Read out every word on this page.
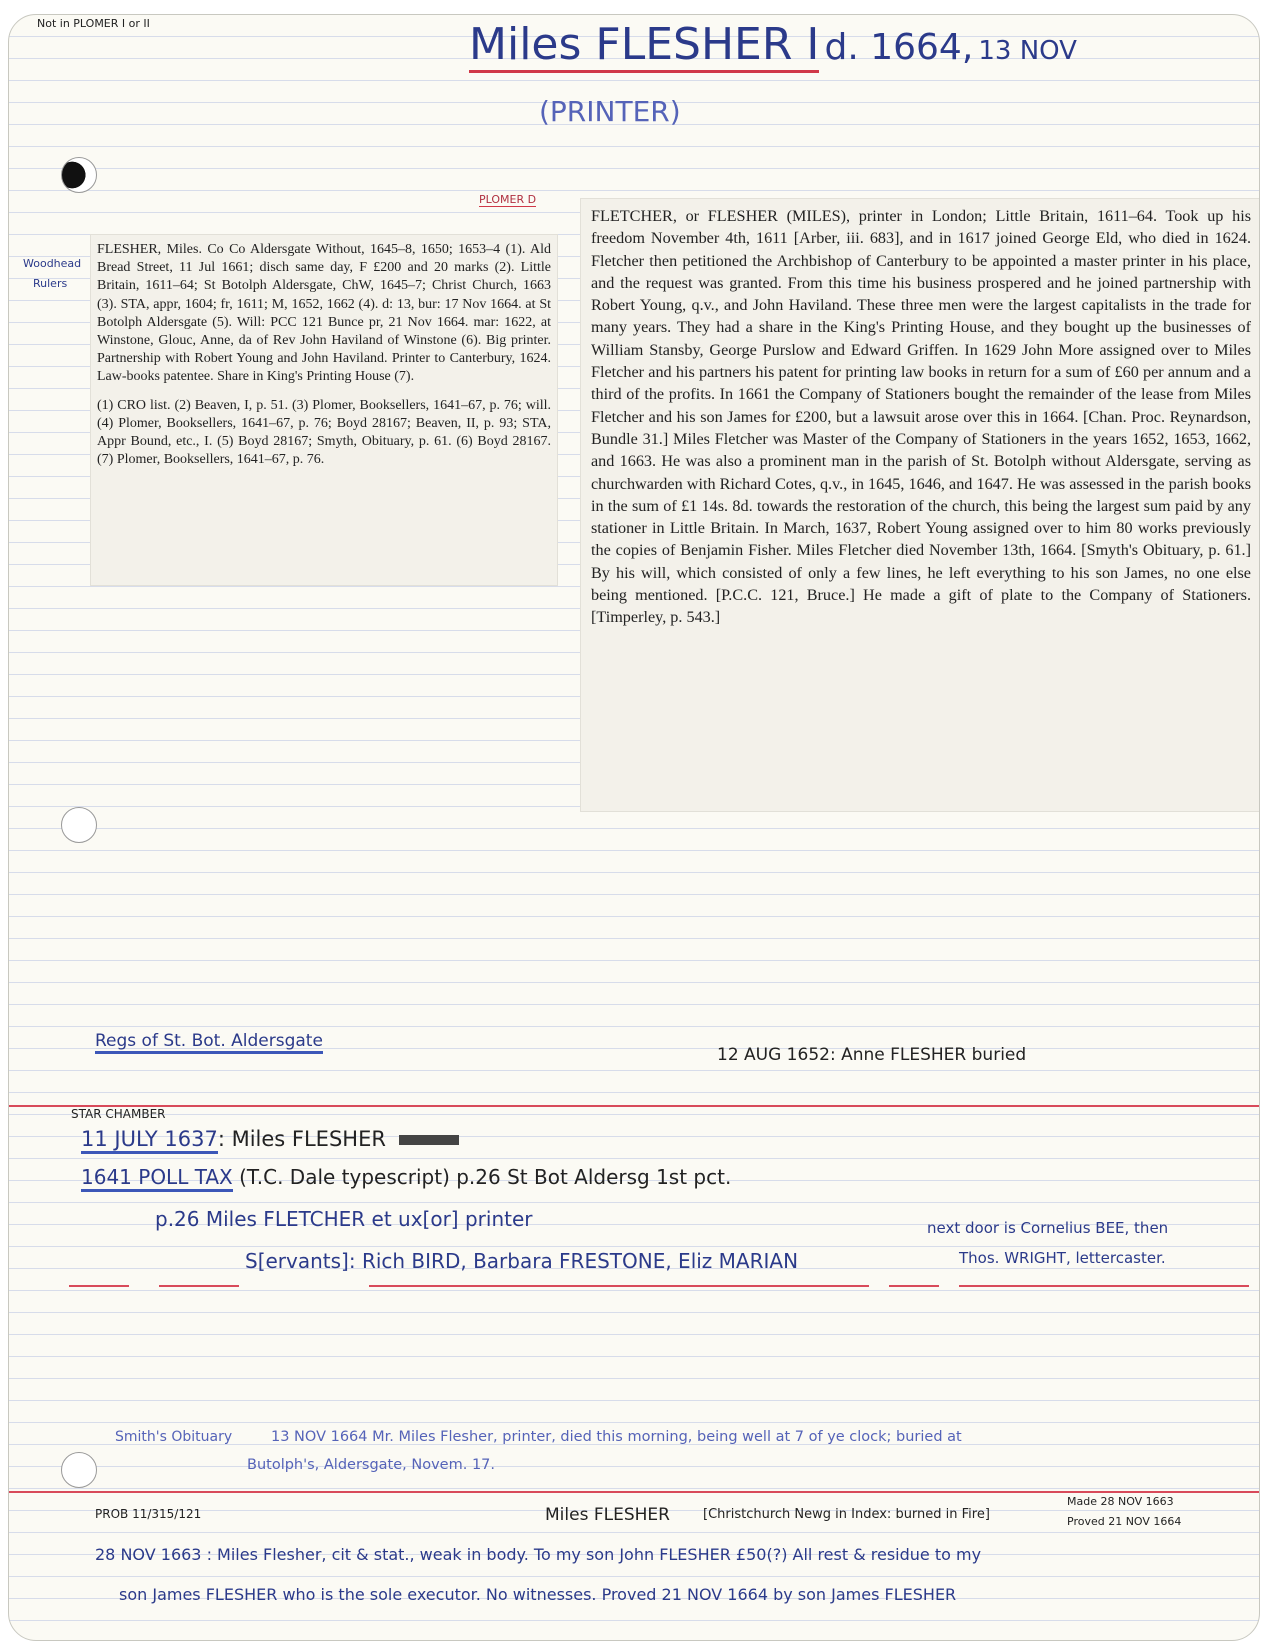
Not in PLOMER I or II	Miles FLESHER I d. 1664, 13 NOV
(PRINTER)
Woodhead
Rulers
PLOMER D

FLESHER, Miles. Co Co Aldersgate Without, 1645–8, 1650; 1653–4 (1). Ald Bread Street, 11 Jul 1661; disch same day, F £200 and 20 marks (2). Little Britain, 1611–64; St Botolph Aldersgate, ChW, 1645–7; Christ Church, 1663 (3). STA, appr, 1604; fr, 1611; M, 1652, 1662 (4). d: 13, bur: 17 Nov 1664. at St Botolph Aldersgate (5). Will: PCC 121 Bunce pr, 21 Nov 1664. mar: 1622, at Winstone, Glouc, Anne, da of Rev John Haviland of Winstone (6). Big printer. Partnership with Robert Young and John Haviland. Printer to Canterbury, 1624. Law-books patentee. Share in King's Printing House (7).

(1) CRO list. (2) Beaven, I, p. 51. (3) Plomer, Booksellers, 1641–67, p. 76; will. (4) Plomer, Booksellers, 1641–67, p. 76; Boyd 28167; Beaven, II, p. 93; STA, Appr Bound, etc., I. (5) Boyd 28167; Smyth, Obituary, p. 61. (6) Boyd 28167. (7) Plomer, Booksellers, 1641–67, p. 76.

FLETCHER, or FLESHER (MILES), printer in London; Little Britain, 1611–64. Took up his freedom November 4th, 1611 [Arber, iii. 683], and in 1617 joined George Eld, who died in 1624. Fletcher then petitioned the Archbishop of Canterbury to be appointed a master printer in his place, and the request was granted. From this time his business prospered and he joined partnership with Robert Young, q.v., and John Haviland. These three men were the largest capitalists in the trade for many years. They had a share in the King's Printing House, and they bought up the businesses of William Stansby, George Purslow and Edward Griffen. In 1629 John More assigned over to Miles Fletcher and his partners his patent for printing law books in return for a sum of £60 per annum and a third of the profits. In 1661 the Company of Stationers bought the remainder of the lease from Miles Fletcher and his son James for £200, but a lawsuit arose over this in 1664. [Chan. Proc. Reynardson, Bundle 31.] Miles Fletcher was Master of the Company of Stationers in the years 1652, 1653, 1662, and 1663. He was also a prominent man in the parish of St. Botolph without Aldersgate, serving as churchwarden with Richard Cotes, q.v., in 1645, 1646, and 1647. He was assessed in the parish books in the sum of £1 14s. 8d. towards the restoration of the church, this being the largest sum paid by any stationer in Little Britain. In March, 1637, Robert Young assigned over to him 80 works previously the copies of Benjamin Fisher. Miles Fletcher died November 13th, 1664. [Smyth's Obituary, p. 61.] By his will, which consisted of only a few lines, he left everything to his son James, no one else being mentioned. [P.C.C. 121, Bruce.] He made a gift of plate to the Company of Stationers. [Timperley, p. 543.]

Regs of St. Bot. Aldersgate
12 AUG 1652: Anne FLESHER buried
STAR CHAMBER
11 JULY 1637: Miles FLESHER
1641 POLL TAX (T.C. Dale typescript) p.26 St Bot Aldersg 1st pct.
p.26 Miles FLETCHER et ux[or] printer
S[ervants]: Rich BIRD, Barbara FRESTONE, Eliz MARIAN
next door is Cornelius BEE, then
Thos. WRIGHT, lettercaster.
Smith's Obituary	13 NOV 1664 Mr. Miles Flesher, printer, died this morning, being well at 7 of ye clock; buried at
Butolph's, Aldersgate, Novem. 17.
PROB 11/315/121	Miles FLESHER	[Christchurch Newg in Index: burned in Fire]
Made 28 NOV 1663
Proved 21 NOV 1664
28 NOV 1663 : Miles Flesher, cit & stat., weak in body. To my son John FLESHER £50(?) All rest & residue to my
son James FLESHER who is the sole executor. No witnesses. Proved 21 NOV 1664 by son James FLESHER
